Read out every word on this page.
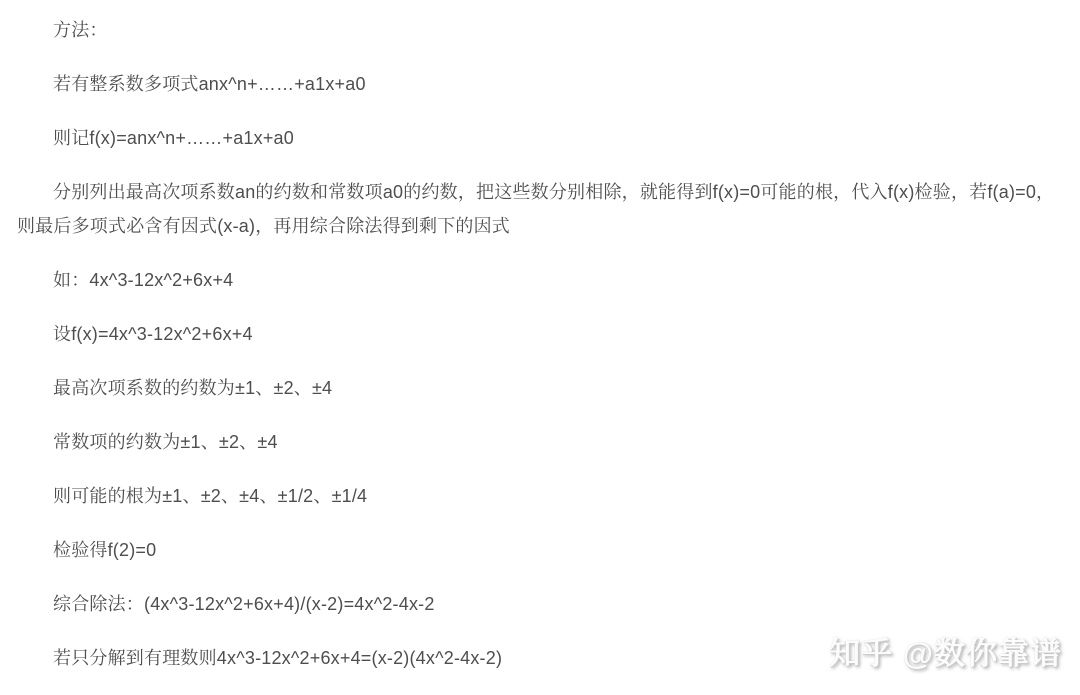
方法：

若有整系数多项式anx^n+……+a1x+a0

则记f(x)=anx^n+……+a1x+a0

分别列出最高次项系数an的约数和常数项a0的约数，把这些数分别相除，就能得到f(x)=0可能的根，代入f(x)检验，若f(a)=0，则最后多项式必含有因式(x-a)，再用综合除法得到剩下的因式

如：4x^3-12x^2+6x+4

设f(x)=4x^3-12x^2+6x+4

最高次项系数的约数为±1、±2、±4

常数项的约数为±1、±2、±4

则可能的根为±1、±2、±4、±1/2、±1/4

检验得f(2)=0

综合除法：(4x^3-12x^2+6x+4)/(x-2)=4x^2-4x-2

若只分解到有理数则4x^3-12x^2+6x+4=(x-2)(4x^2-4x-2)	知乎 @数你靠谱
